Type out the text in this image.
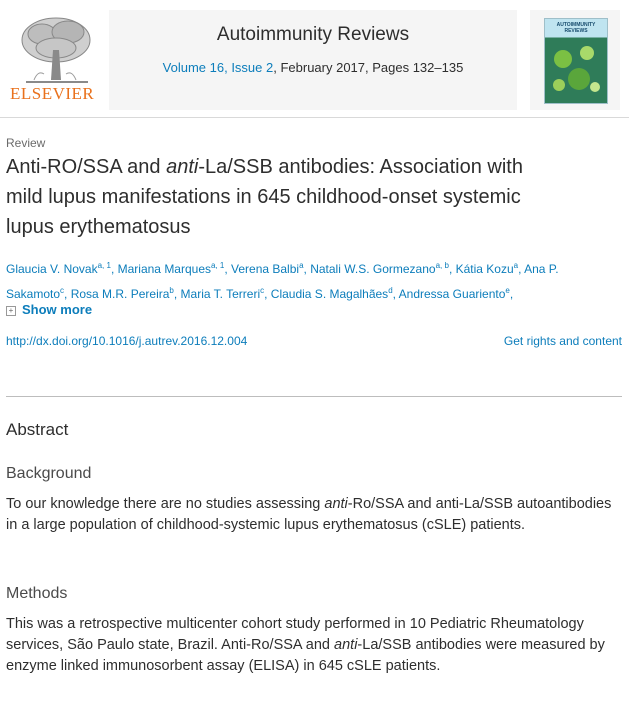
ELSEVIER
Autoimmunity Reviews
Volume 16, Issue 2, February 2017, Pages 132–135
AUTOIMMUNITY REVIEWS
Review
Anti-RO/SSA and anti-La/SSB antibodies: Association with
mild lupus manifestations in 645 childhood-onset systemic
lupus erythematosus
Glaucia V. Novak$^{a, 1}$, Mariana Marques$^{a, 1}$, Verena Balbi$^a$, Natali W.S. Gormezano$^{a, b}$, Kátia Kozu$^a$, Ana P. Sakamoto$^c$, Rosa M.R. Pereira$^b$, Maria T. Terreri$^c$, Claudia S. Magalhães$^d$, Andressa Guariento$^e$,
+ Show more
http://dx.doi.org/10.1016/j.autrev.2016.12.004	Get rights and content
Abstract
Background
To our knowledge there are no studies assessing anti-Ro/SSA and anti-La/SSB autoantibodies in a large population of childhood-systemic lupus erythematosus (cSLE) patients.
Methods
This was a retrospective multicenter cohort study performed in 10 Pediatric Rheumatology services, São Paulo state, Brazil. Anti-Ro/SSA and anti-La/SSB antibodies were measured by enzyme linked immunosorbent assay (ELISA) in 645 cSLE patients.
